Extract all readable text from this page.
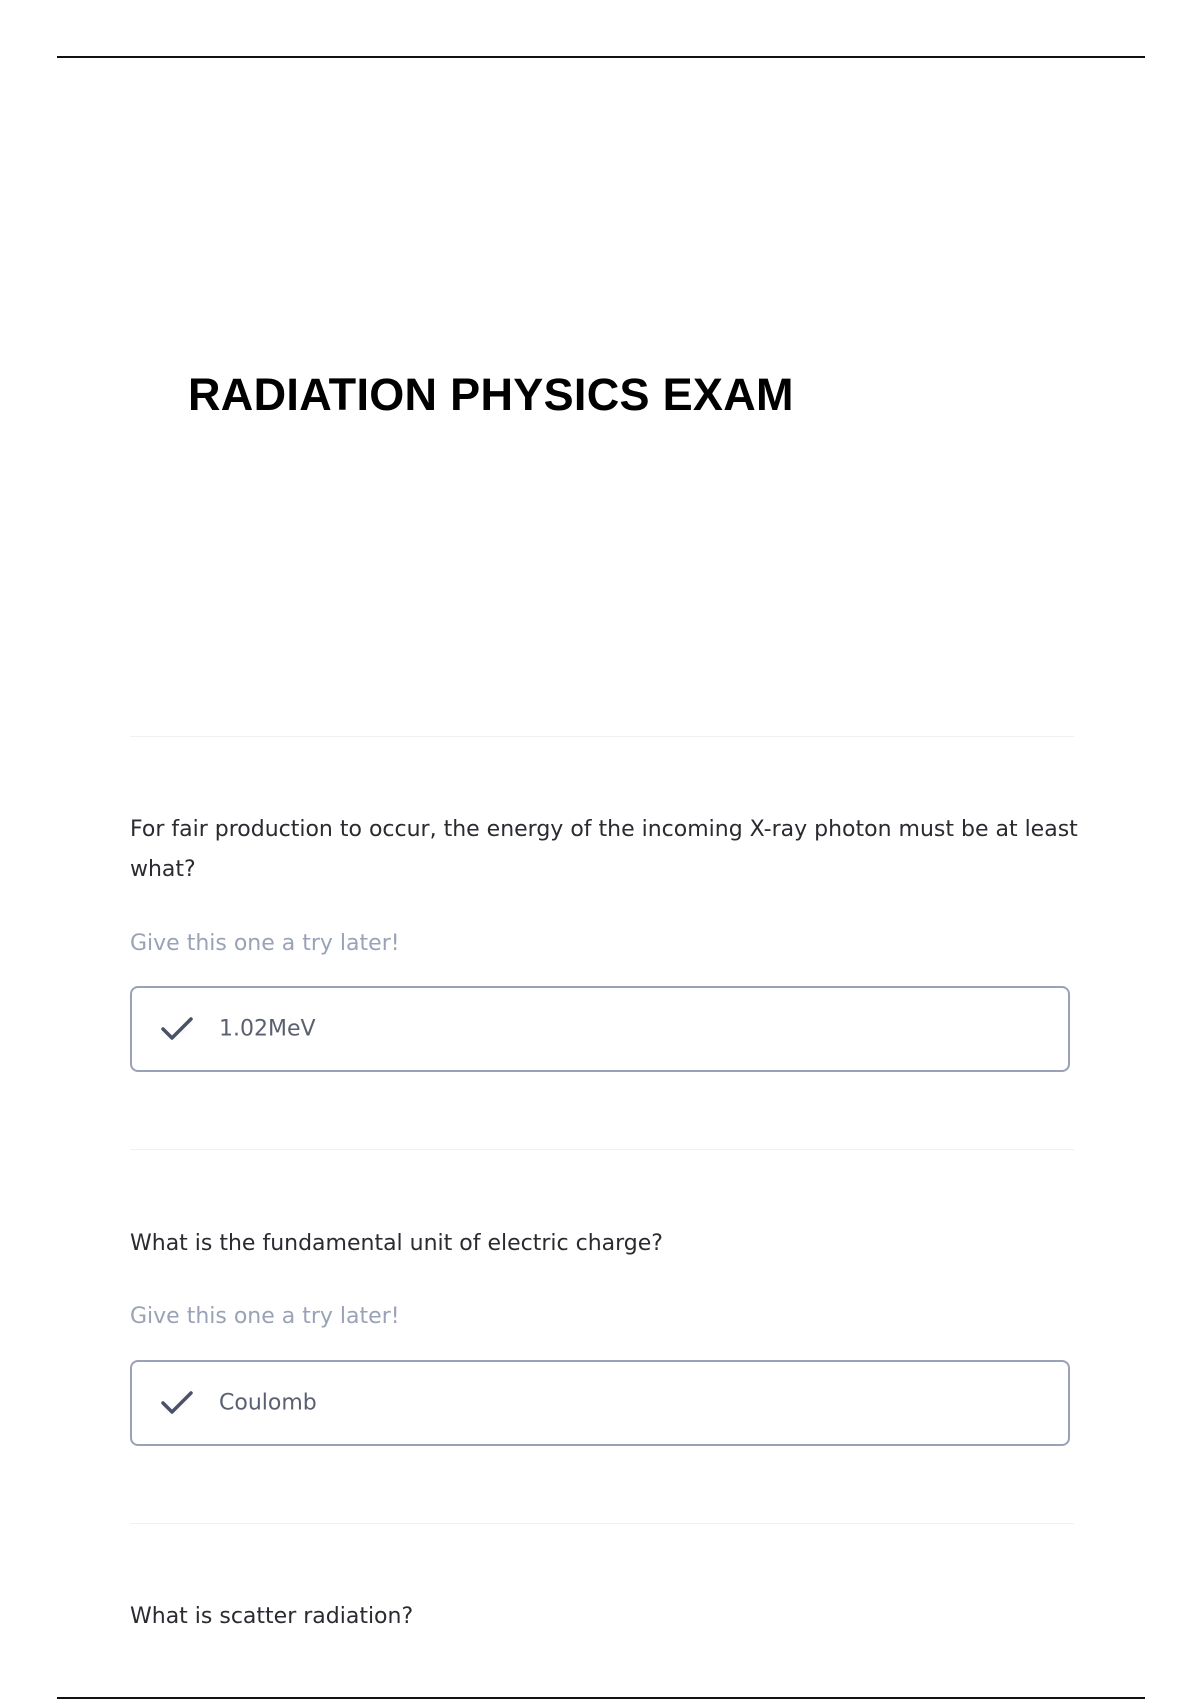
RADIATION PHYSICS EXAM

For fair production to occur, the energy of the incoming X-ray photon must be at least what?

Give this one a try later!

1.02MeV

What is the fundamental unit of electric charge?

Give this one a try later!

Coulomb

What is scatter radiation?
